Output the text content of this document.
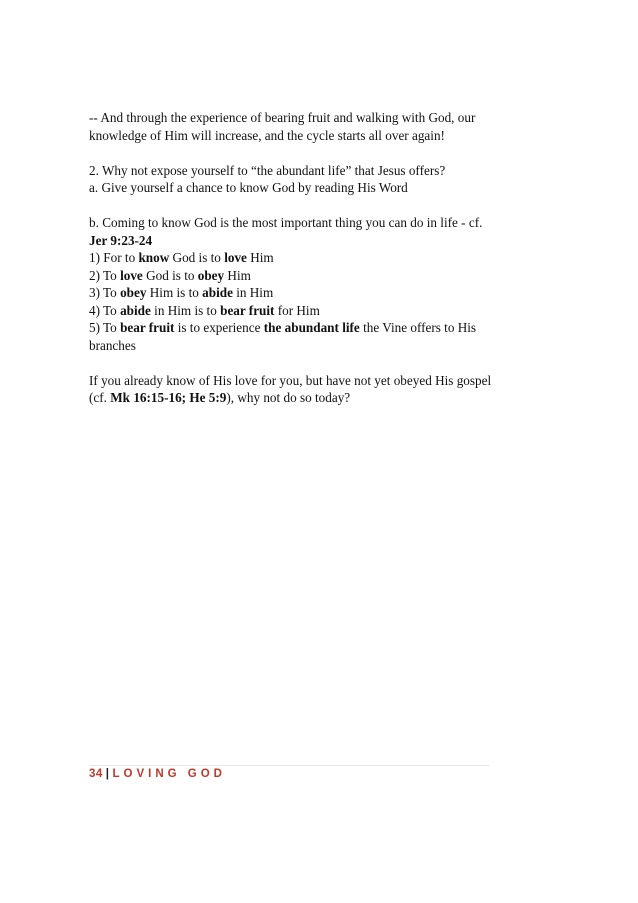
-- And through the experience of bearing fruit and walking with God, our
knowledge of Him will increase, and the cycle starts all over again!
2. Why not expose yourself to “the abundant life” that Jesus offers?
a. Give yourself a chance to know God by reading His Word
b. Coming to know God is the most important thing you can do in life - cf.
Jer 9:23-24
1) For to know God is to love Him
2) To love God is to obey Him
3) To obey Him is to abide in Him
4) To abide in Him is to bear fruit for Him
5) To bear fruit is to experience the abundant life the Vine offers to His
branches
If you already know of His love for you, but have not yet obeyed His gospel
(cf. Mk 16:15-16; He 5:9), why not do so today?
34 | LOVING GOD
